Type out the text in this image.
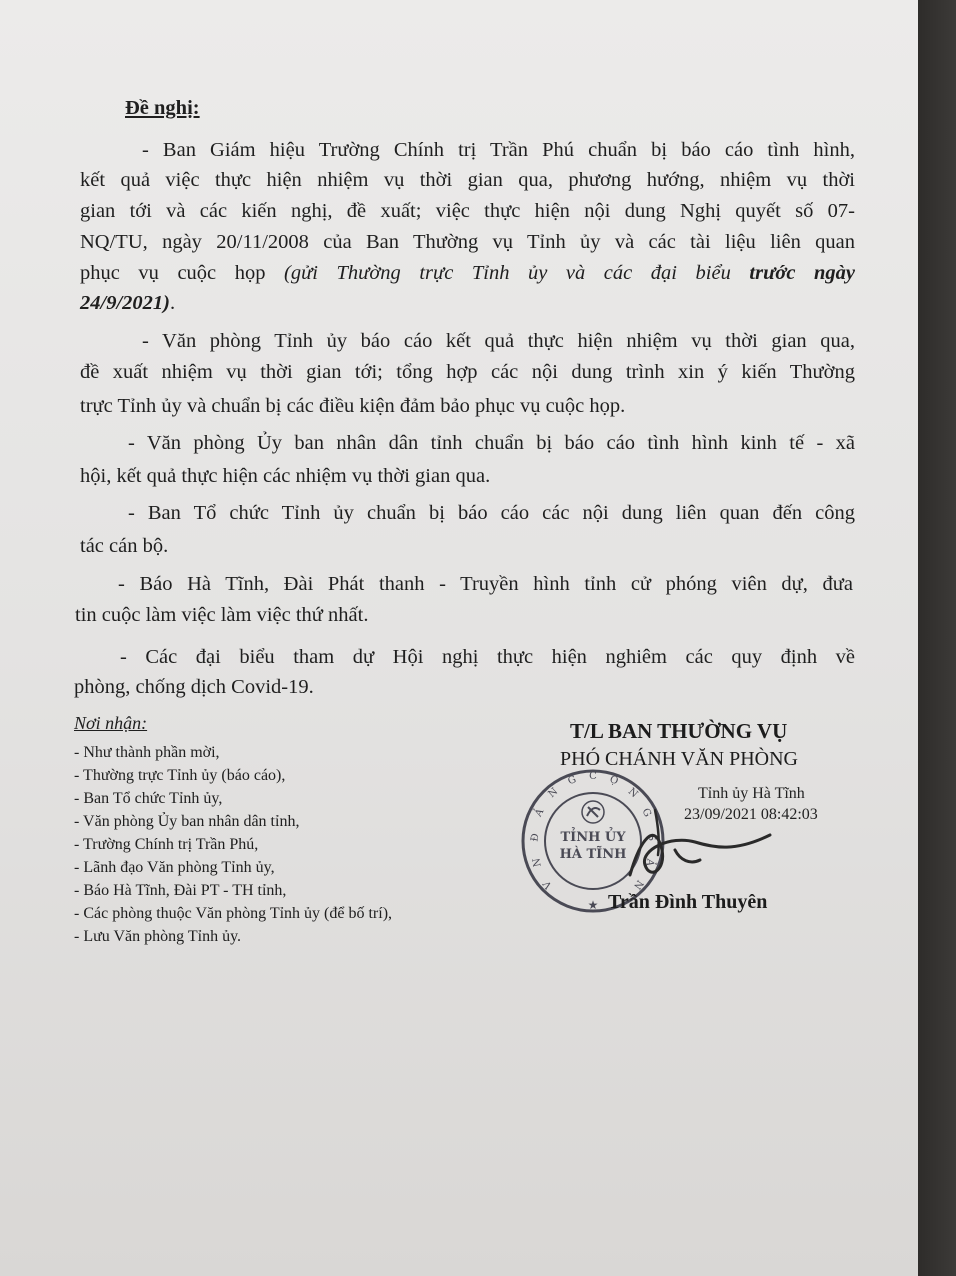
Đề nghị:
- Ban Giám hiệu Trường Chính trị Trần Phú chuẩn bị báo cáo tình hình,
kết quả việc thực hiện nhiệm vụ thời gian qua, phương hướng, nhiệm vụ thời
gian tới và các kiến nghị, đề xuất; việc thực hiện nội dung Nghị quyết số 07-
NQ/TU, ngày 20/11/2008 của Ban Thường vụ Tỉnh ủy và các tài liệu liên quan
phục vụ cuộc họp (gửi Thường trực Tỉnh ủy và các đại biểu trước ngày
24/9/2021).
- Văn phòng Tỉnh ủy báo cáo kết quả thực hiện nhiệm vụ thời gian qua,
đề xuất nhiệm vụ thời gian tới; tổng hợp các nội dung trình xin ý kiến Thường
trực Tỉnh ủy và chuẩn bị các điều kiện đảm bảo phục vụ cuộc họp.
- Văn phòng Ủy ban nhân dân tỉnh chuẩn bị báo cáo tình hình kinh tế - xã
hội, kết quả thực hiện các nhiệm vụ thời gian qua.
- Ban Tổ chức Tỉnh ủy chuẩn bị báo cáo các nội dung liên quan đến công
tác cán bộ.
- Báo Hà Tĩnh, Đài Phát thanh - Truyền hình tỉnh cử phóng viên dự, đưa
tin cuộc làm việc làm việc thứ nhất.
- Các đại biểu tham dự Hội nghị thực hiện nghiêm các quy định về
phòng, chống dịch Covid-19.
Nơi nhận:
- Như thành phần mời,
- Thường trực Tỉnh ủy (báo cáo),
- Ban Tổ chức Tỉnh ủy,
- Văn phòng Ủy ban nhân dân tỉnh,
- Trường Chính trị Trần Phú,
- Lãnh đạo Văn phòng Tỉnh ủy,
- Báo Hà Tĩnh, Đài PT - TH tỉnh,
- Các phòng thuộc Văn phòng Tỉnh ủy (để bố trí),
- Lưu Văn phòng Tỉnh ủy.
T/L BAN THƯỜNG VỤ
PHÓ CHÁNH VĂN PHÒNG
Đ
Ả
N
G C Ộ
N
G
S
Ả
N
V
N
★
TỈNH ỦY
HÀ TĨNH
Tỉnh ủy Hà Tĩnh
23/09/2021 08:42:03
Trần Đình Thuyên
